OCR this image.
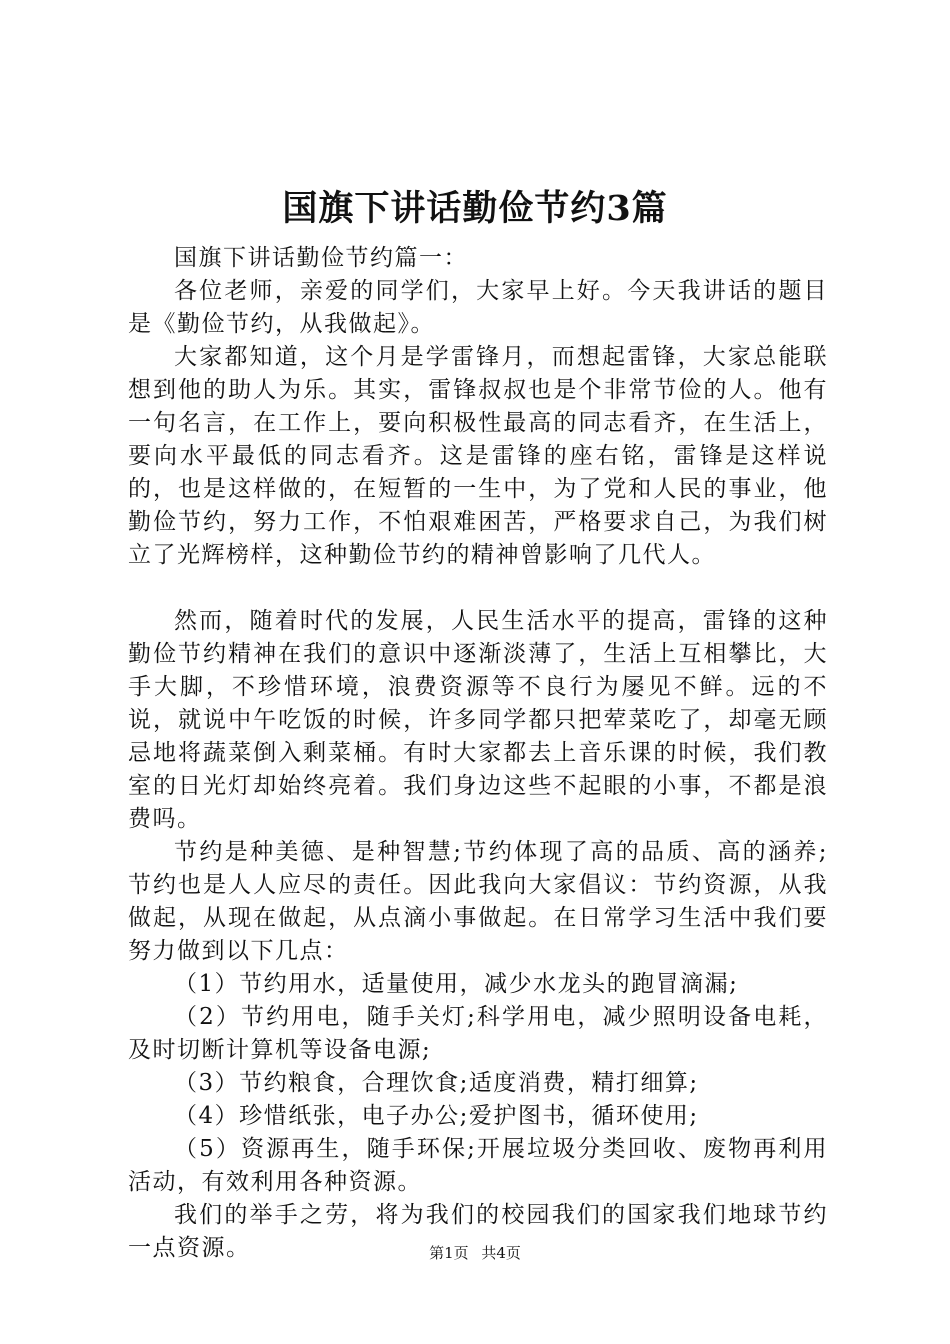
国旗下讲话勤俭节约3篇

国旗下讲话勤俭节约篇一：

各位老师，亲爱的同学们，大家早上好。今天我讲话的题目是《勤俭节约，从我做起》。

大家都知道，这个月是学雷锋月，而想起雷锋，大家总能联想到他的助人为乐。其实，雷锋叔叔也是个非常节俭的人。他有一句名言，在工作上，要向积极性最高的同志看齐，在生活上，要向水平最低的同志看齐。这是雷锋的座右铭，雷锋是这样说的，也是这样做的，在短暂的一生中，为了党和人民的事业，他勤俭节约，努力工作，不怕艰难困苦，严格要求自己，为我们树立了光辉榜样，这种勤俭节约的精神曾影响了几代人。

然而，随着时代的发展，人民生活水平的提高，雷锋的这种勤俭节约精神在我们的意识中逐渐淡薄了，生活上互相攀比，大手大脚，不珍惜环境，浪费资源等不良行为屡见不鲜。远的不说，就说中午吃饭的时候，许多同学都只把荤菜吃了，却毫无顾忌地将蔬菜倒入剩菜桶。有时大家都去上音乐课的时候，我们教室的日光灯却始终亮着。我们身边这些不起眼的小事，不都是浪费吗。

节约是种美德、是种智慧;节约体现了高的品质、高的涵养;节约也是人人应尽的责任。因此我向大家倡议：节约资源，从我做起，从现在做起，从点滴小事做起。在日常学习生活中我们要努力做到以下几点：

（1）节约用水，适量使用，减少水龙头的跑冒滴漏;

（2）节约用电，随手关灯;科学用电，减少照明设备电耗，及时切断计算机等设备电源;

（3）节约粮食，合理饮食;适度消费，精打细算;

（4）珍惜纸张，电子办公;爱护图书，循环使用;

（5）资源再生，随手环保;开展垃圾分类回收、废物再利用活动，有效利用各种资源。

我们的举手之劳，将为我们的校园我们的国家我们地球节约一点资源。	第1页 共4页
